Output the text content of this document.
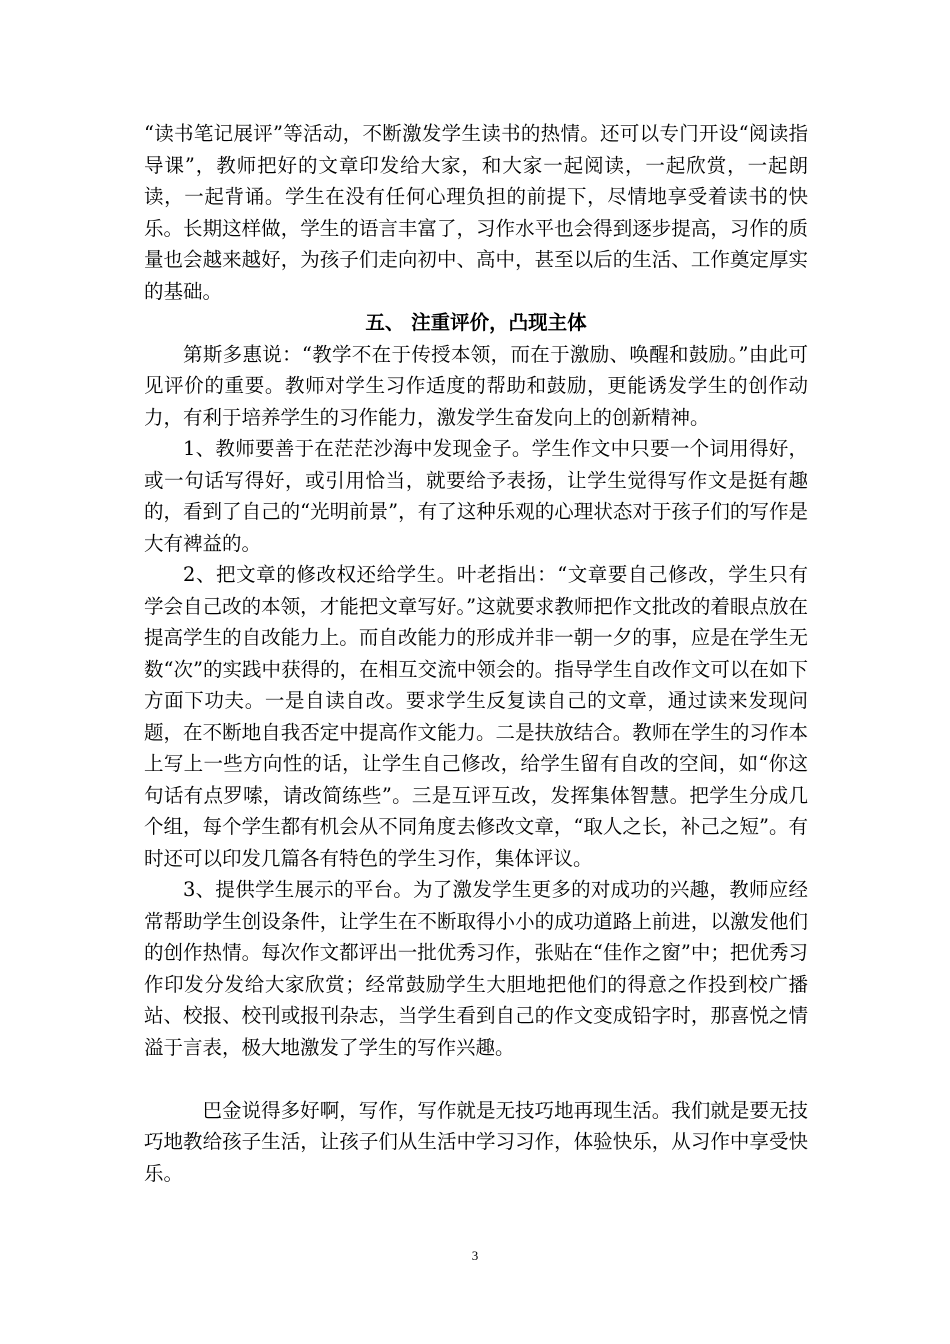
“读书笔记展评”等活动，不断激发学生读书的热情。还可以专门开设“阅读指导课”，教师把好的文章印发给大家，和大家一起阅读，一起欣赏，一起朗读，一起背诵。学生在没有任何心理负担的前提下，尽情地享受着读书的快乐。长期这样做，学生的语言丰富了，习作水平也会得到逐步提高，习作的质量也会越来越好，为孩子们走向初中、高中，甚至以后的生活、工作奠定厚实的基础。

五、 注重评价，凸现主体

第斯多惠说：“教学不在于传授本领，而在于激励、唤醒和鼓励。”由此可见评价的重要。教师对学生习作适度的帮助和鼓励，更能诱发学生的创作动力，有利于培养学生的习作能力，激发学生奋发向上的创新精神。

1、教师要善于在茫茫沙海中发现金子。学生作文中只要一个词用得好，或一句话写得好，或引用恰当，就要给予表扬，让学生觉得写作文是挺有趣的，看到了自己的“光明前景”，有了这种乐观的心理状态对于孩子们的写作是大有裨益的。

2、把文章的修改权还给学生。叶老指出：“文章要自己修改，学生只有学会自己改的本领，才能把文章写好。”这就要求教师把作文批改的着眼点放在提高学生的自改能力上。而自改能力的形成并非一朝一夕的事，应是在学生无数“次”的实践中获得的，在相互交流中领会的。指导学生自改作文可以在如下方面下功夫。一是自读自改。要求学生反复读自己的文章，通过读来发现问题，在不断地自我否定中提高作文能力。二是扶放结合。教师在学生的习作本上写上一些方向性的话，让学生自己修改，给学生留有自改的空间，如“你这句话有点罗嗦，请改简练些”。三是互评互改，发挥集体智慧。把学生分成几个组，每个学生都有机会从不同角度去修改文章，“取人之长，补己之短”。有时还可以印发几篇各有特色的学生习作，集体评议。

3、提供学生展示的平台。为了激发学生更多的对成功的兴趣，教师应经常帮助学生创设条件，让学生在不断取得小小的成功道路上前进，以激发他们的创作热情。每次作文都评出一批优秀习作，张贴在“佳作之窗”中；把优秀习作印发分发给大家欣赏；经常鼓励学生大胆地把他们的得意之作投到校广播站、校报、校刊或报刊杂志，当学生看到自己的作文变成铅字时，那喜悦之情溢于言表，极大地激发了学生的写作兴趣。

巴金说得多好啊，写作，写作就是无技巧地再现生活。我们就是要无技巧地教给孩子生活，让孩子们从生活中学习习作，体验快乐，从习作中享受快乐。

3
